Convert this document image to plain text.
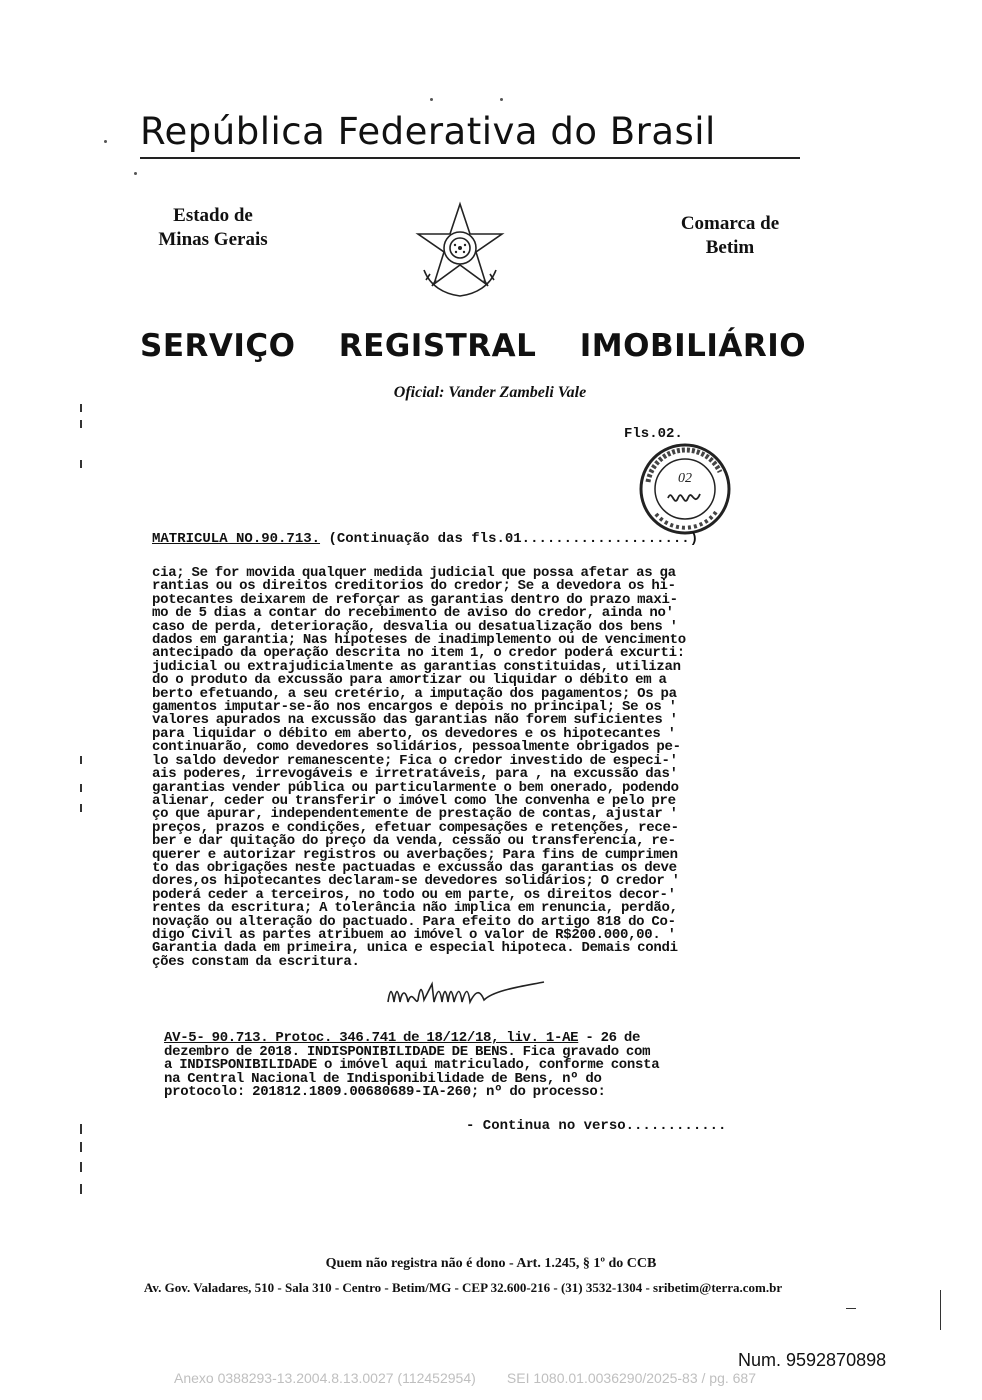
República Federativa do Brasil
Estado de
Minas Gerais
Comarca de
Betim
SERVIÇO REGISTRAL IMOBILIÁRIO
Oficial: Vander Zambeli Vale
Fls.02.
02
MATRICULA NO.90.713. (Continuação das fls.01....................)
cia; Se for movida qualquer medida judicial que possa afetar as ga
rantias ou os direitos creditorios do credor; Se a devedora os hi-
potecantes deixarem de reforçar as garantias dentro do prazo maxi-
mo de 5 dias a contar do recebimento de aviso do credor, ainda no'
caso de perda, deterioração, desvalia ou desatualização dos bens '
dados em garantia; Nas hipoteses de inadimplemento ou de vencimento
antecipado da operação descrita no item 1, o credor poderá excurti:
judicial ou extrajudicialmente as garantias constituidas, utilizan
do o produto da excussão para amortizar ou liquidar o débito em a
berto efetuando, a seu cretério, a imputação dos pagamentos; Os pa
gamentos imputar-se-ão nos encargos e depois no principal; Se os '
valores apurados na excussão das garantias não forem suficientes '
para liquidar o débito em aberto, os devedores e os hipotecantes '
continuarão, como devedores solidários, pessoalmente obrigados pe-
lo saldo devedor remanescente; Fica o credor investido de especi-'
ais poderes, irrevogáveis e irretratáveis, para , na excussão das'
garantias vender pública ou particularmente o bem onerado, podendo
alienar, ceder ou transferir o imóvel como lhe convenha e pelo pre
ço que apurar, independentemente de prestação de contas, ajustar '
preços, prazos e condições, efetuar compesações e retenções, rece-
ber e dar quitação do preço da venda, cessão ou transferencia, re-
querer e autorizar registros ou averbações; Para fins de cumprimen
to das obrigações neste pactuadas e excussão das garantias os deve
dores,os hipotecantes declaram-se devedores solidários; O credor '
poderá ceder a terceiros, no todo ou em parte, os direitos decor-'
rentes da escritura; A tolerância não implica em renuncia, perdão,
novação ou alteração do pactuado. Para efeito do artigo 818 do Co-
digo Civil as partes atribuem ao imóvel o valor de R$200.000,00. '
Garantia dada em primeira, unica e especial hipoteca. Demais condi
ções constam da escritura.
AV-5- 90.713. Protoc. 346.741 de 18/12/18, liv. 1-AE - 26 de
dezembro de 2018. INDISPONIBILIDADE DE BENS. Fica gravado com
a INDISPONIBILIDADE o imóvel aqui matriculado, conforme consta
na Central Nacional de Indisponibilidade de Bens, nº do
protocolo: 201812.1809.00680689-IA-260; nº do processo:
- Continua no verso............
Quem não registra não é dono - Art. 1.245, § 1º do CCB
Av. Gov. Valadares, 510 - Sala 310 - Centro - Betim/MG - CEP 32.600-216 - (31) 3532-1304 - sribetim@terra.com.br
Num. 9592870898
Anexo 0388293-13.2004.8.13.0027 (112452954)        SEI 1080.01.0036290/2025-83 / pg. 687
